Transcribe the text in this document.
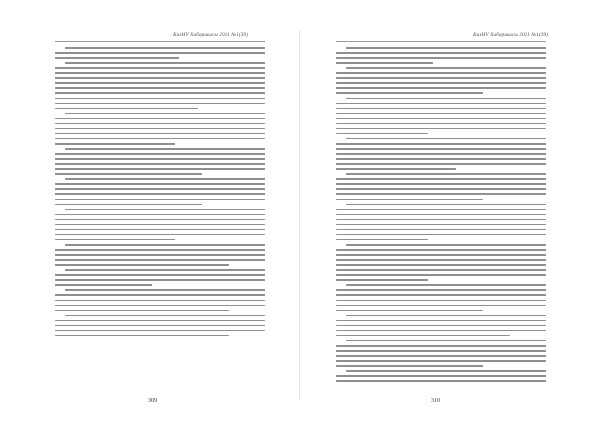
КазНУ Хабаршысы 2011 №1(39)
309
КазНУ Хабаршысы 2011 №1(39)
310
